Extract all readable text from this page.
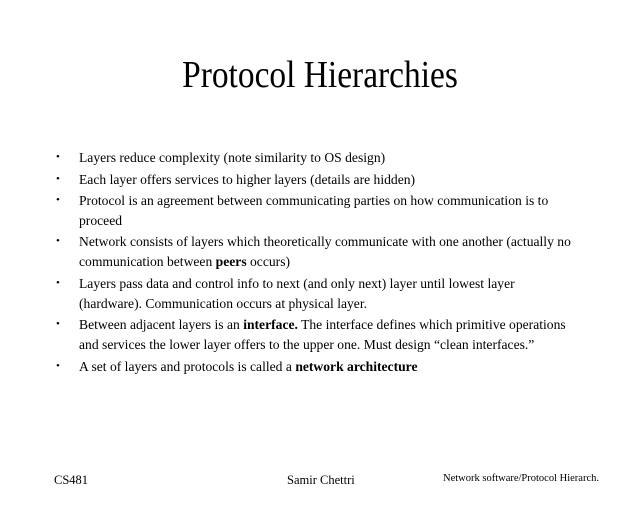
Protocol Hierarchies
• Layers reduce complexity (note similarity to OS design)
• Each layer offers services to higher layers (details are hidden)
• Protocol is an agreement between communicating parties on how communication is to proceed
• Network consists of layers which theoretically communicate with one another (actually no communication between peers occurs)
• Layers pass data and control info to next (and only next) layer until lowest layer (hardware). Communication occurs at physical layer.
• Between adjacent layers is an interface. The interface defines which primitive operations and services the lower layer offers to the upper one. Must design “clean interfaces.”
• A set of layers and protocols is called a network architecture
CS481	Samir Chettri	Network software/Protocol Hierarch.
